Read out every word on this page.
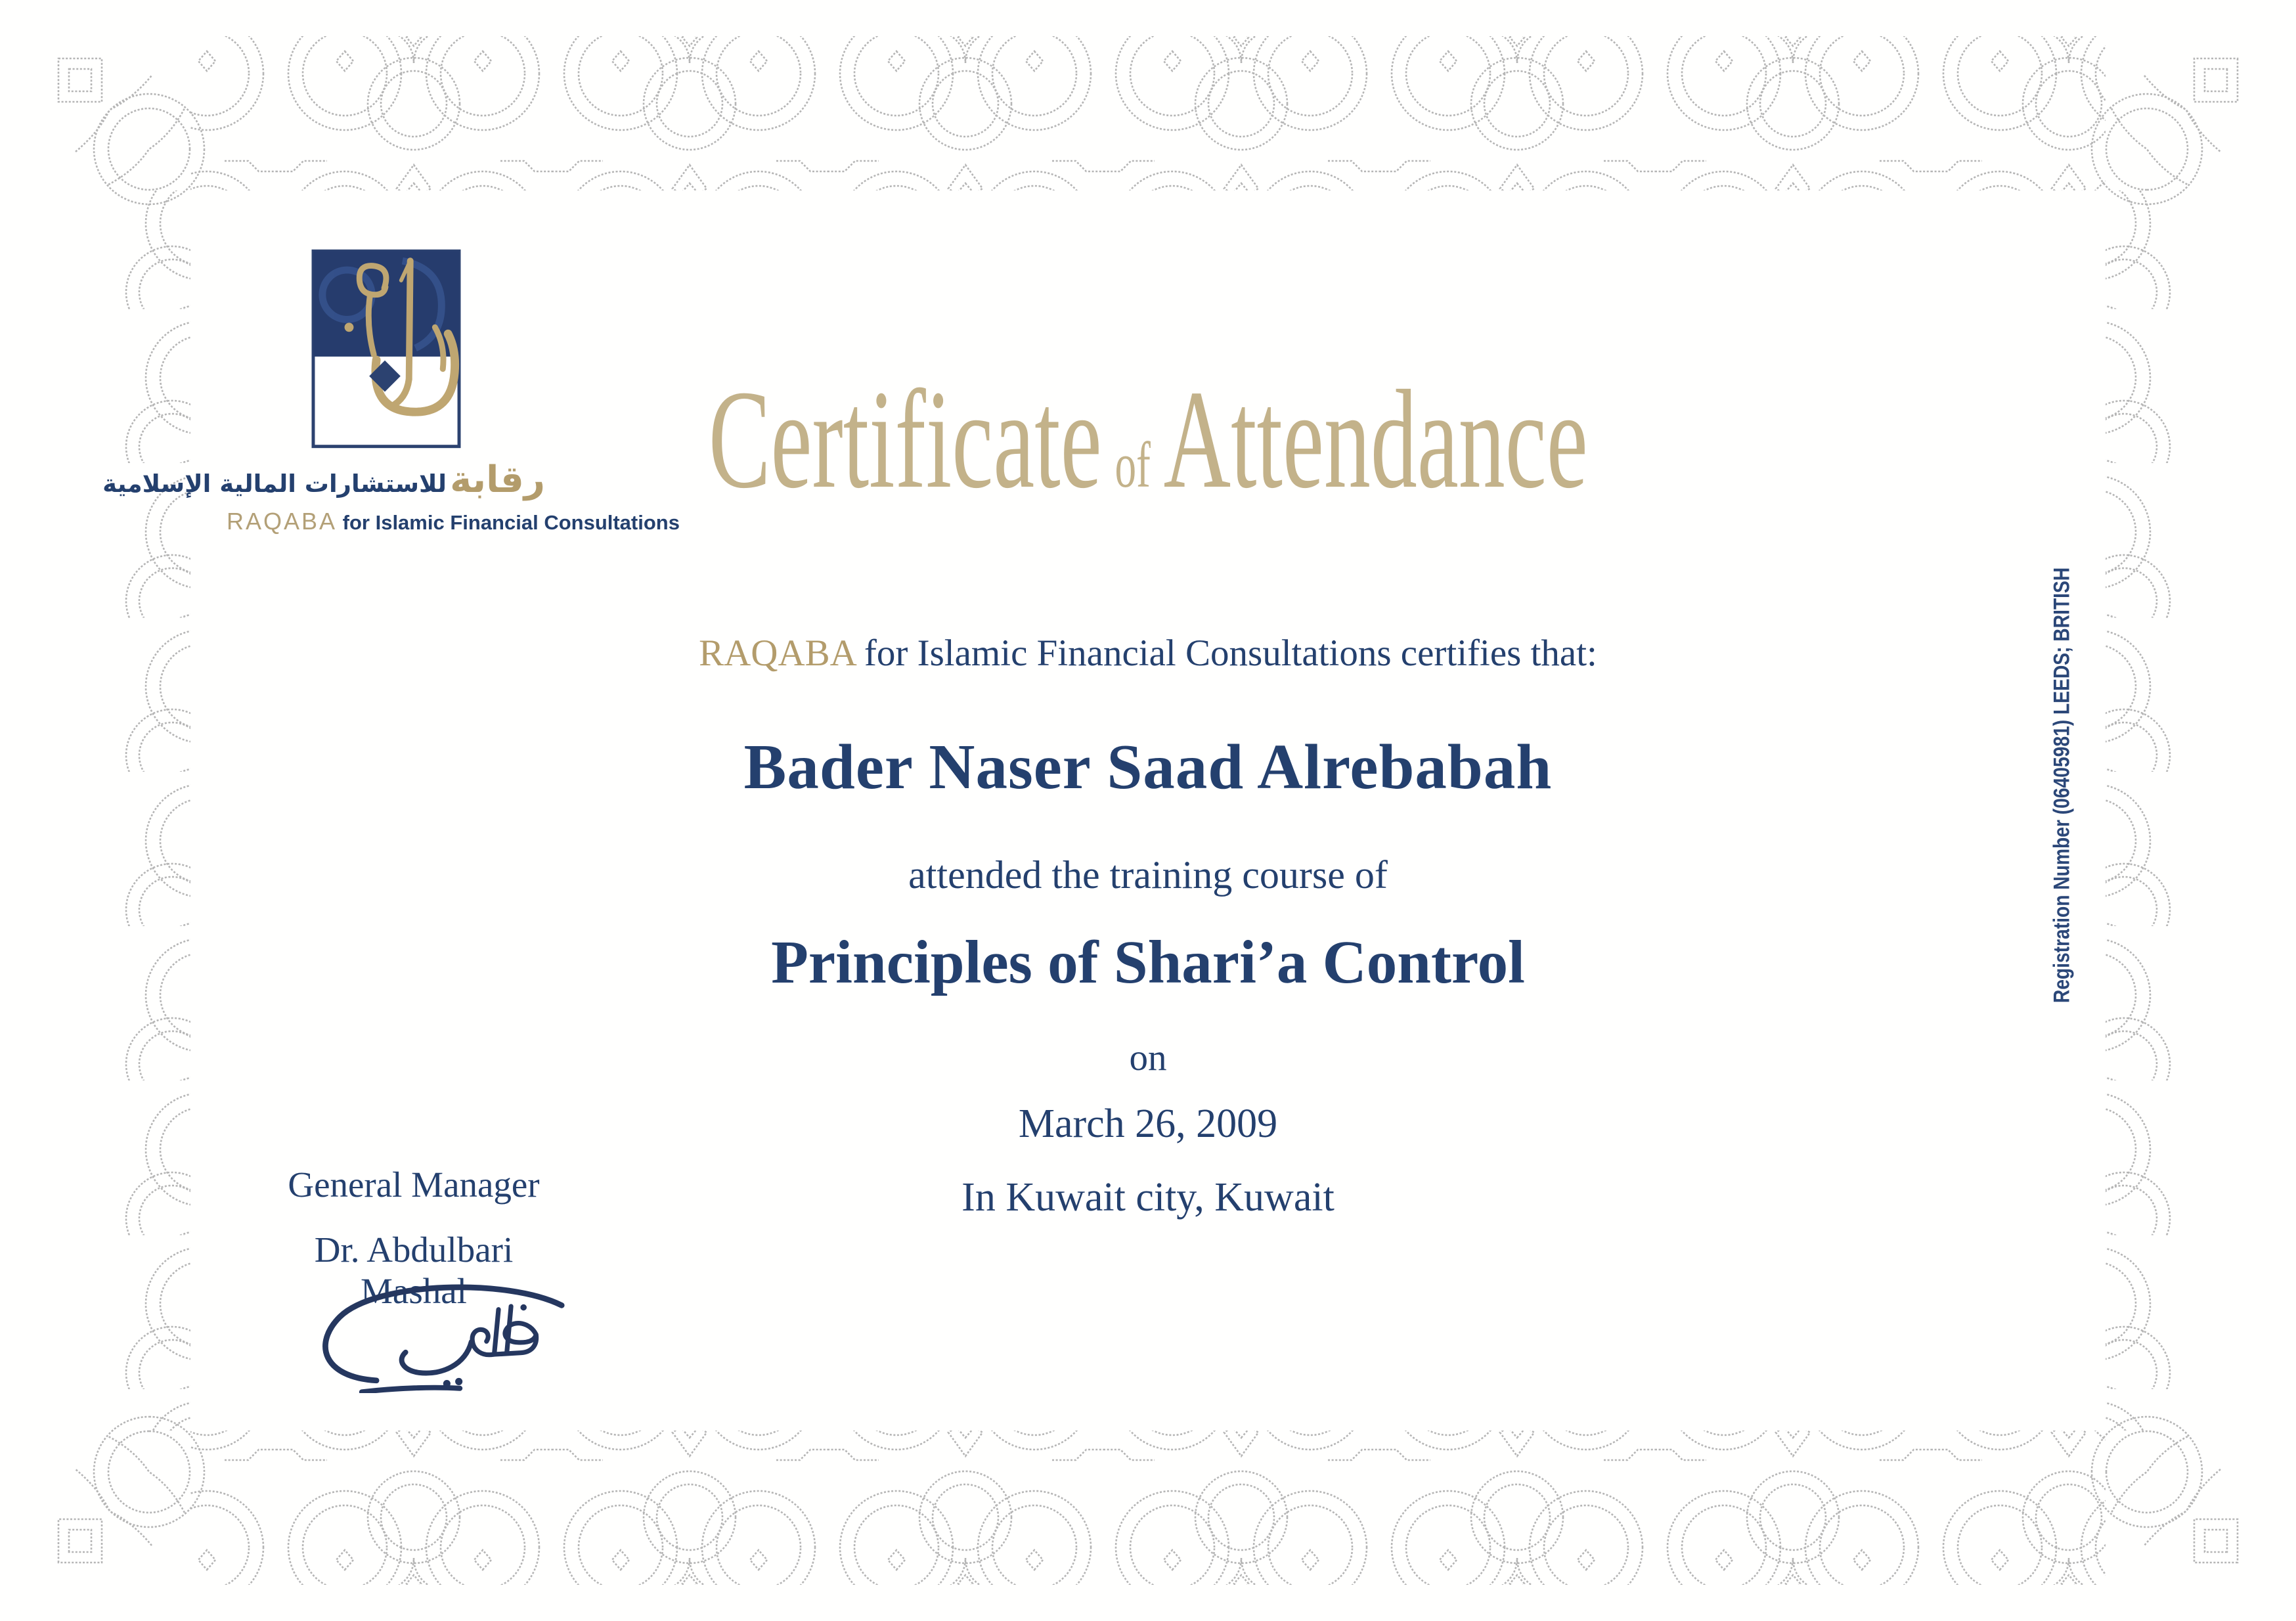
رقابة للاستشارات المالية الإسلامية
RAQABA for Islamic Financial Consultations
Certificate ofAttendance
RAQABA for Islamic Financial Consultations certifies that:
Bader Naser Saad Alrebabah
attended the training course of
Principles of Shari’a Control
on
March 26, 2009
In Kuwait city, Kuwait
General Manager
Dr. Abdulbari Mashal
Registration Number (06405981) LEEDS; BRITISH
